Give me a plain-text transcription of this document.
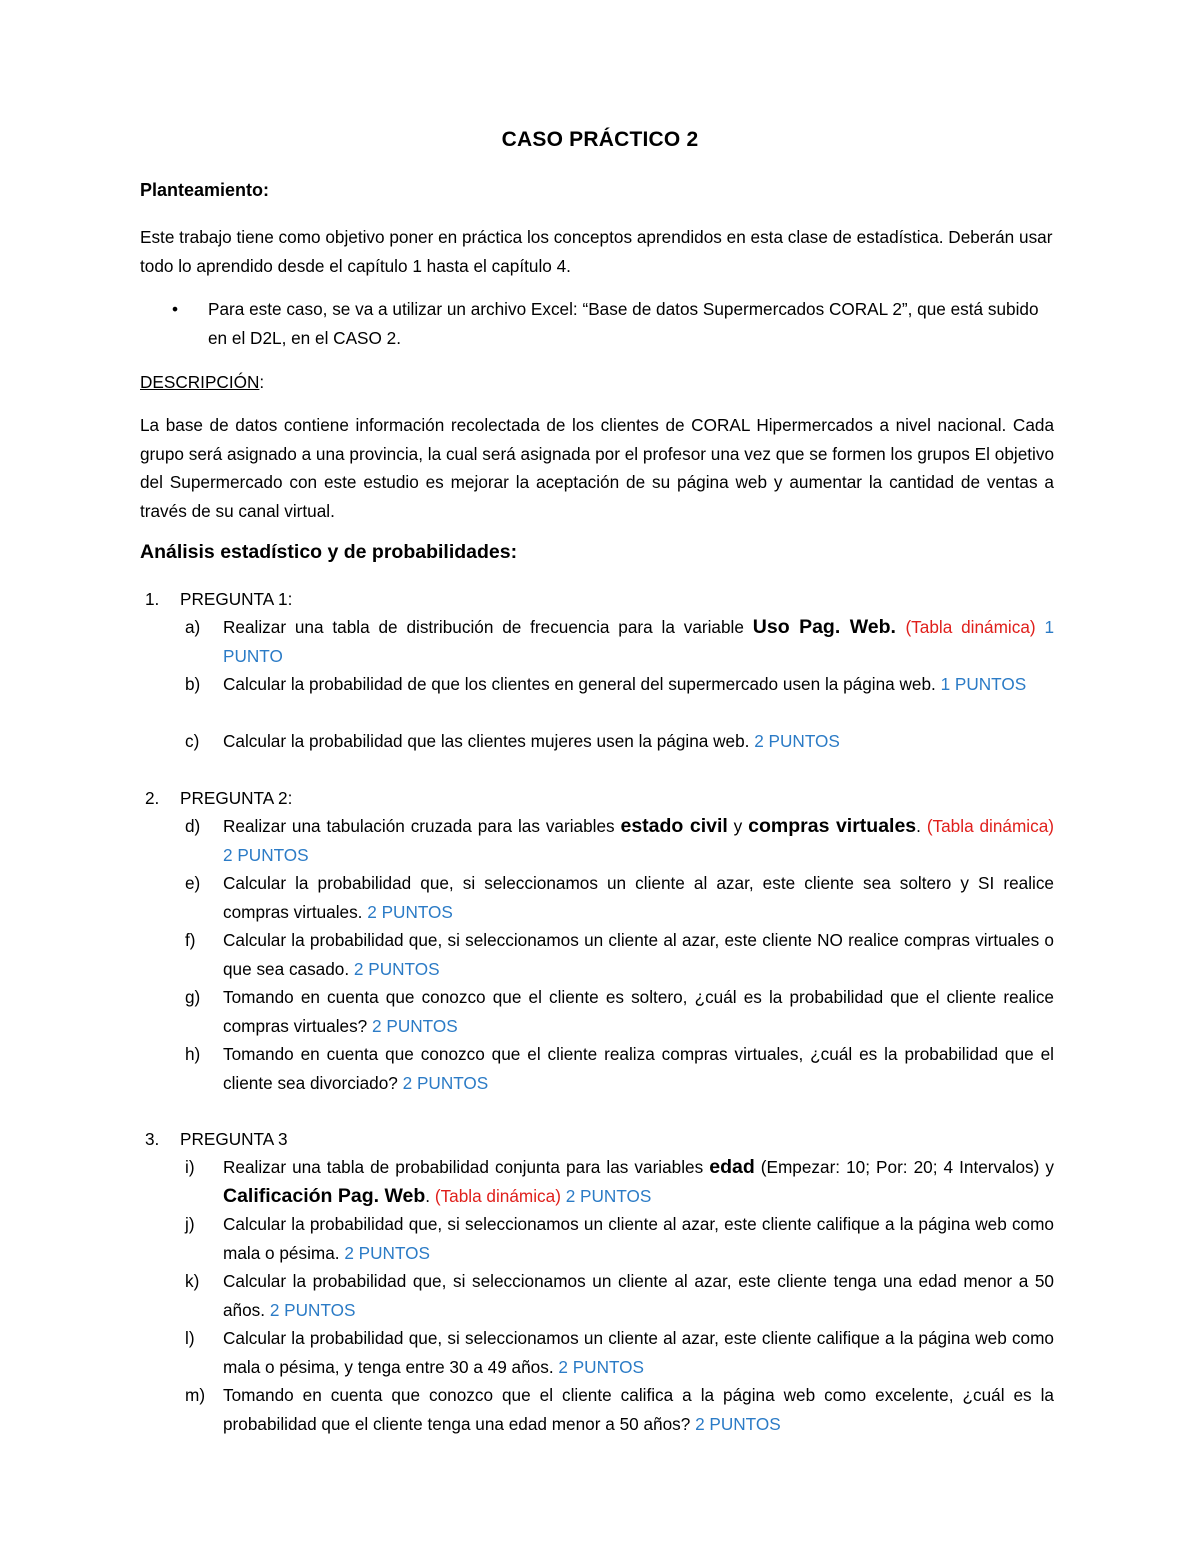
CASO PRÁCTICO 2
Planteamiento:
Este trabajo tiene como objetivo poner en práctica los conceptos aprendidos en esta clase de estadística. Deberán usar todo lo aprendido desde el capítulo 1 hasta el capítulo 4.
• Para este caso, se va a utilizar un archivo Excel: “Base de datos Supermercados CORAL 2”, que está subido en el D2L, en el CASO 2.
DESCRIPCIÓN:
La base de datos contiene información recolectada de los clientes de CORAL Hipermercados a nivel nacional. Cada grupo será asignado a una provincia, la cual será asignada por el profesor una vez que se formen los grupos El objetivo del Supermercado con este estudio es mejorar la aceptación de su página web y aumentar la cantidad de ventas a través de su canal virtual.
Análisis estadístico y de probabilidades:
1. PREGUNTA 1:
a) Realizar una tabla de distribución de frecuencia para la variable Uso Pag. Web. (Tabla dinámica) 1 PUNTO
b) Calcular la probabilidad de que los clientes en general del supermercado usen la página web. 1 PUNTOS
c) Calcular la probabilidad que las clientes mujeres usen la página web. 2 PUNTOS
2. PREGUNTA 2:
d) Realizar una tabulación cruzada para las variables estado civil y compras virtuales. (Tabla dinámica) 2 PUNTOS
e) Calcular la probabilidad que, si seleccionamos un cliente al azar, este cliente sea soltero y SI realice compras virtuales. 2 PUNTOS
f) Calcular la probabilidad que, si seleccionamos un cliente al azar, este cliente NO realice compras virtuales o que sea casado. 2 PUNTOS
g) Tomando en cuenta que conozco que el cliente es soltero, ¿cuál es la probabilidad que el cliente realice compras virtuales? 2 PUNTOS
h) Tomando en cuenta que conozco que el cliente realiza compras virtuales, ¿cuál es la probabilidad que el cliente sea divorciado? 2 PUNTOS
3. PREGUNTA 3
i) Realizar una tabla de probabilidad conjunta para las variables edad (Empezar: 10; Por: 20; 4 Intervalos) y Calificación Pag. Web. (Tabla dinámica) 2 PUNTOS
j) Calcular la probabilidad que, si seleccionamos un cliente al azar, este cliente califique a la página web como mala o pésima. 2 PUNTOS
k) Calcular la probabilidad que, si seleccionamos un cliente al azar, este cliente tenga una edad menor a 50 años. 2 PUNTOS
l) Calcular la probabilidad que, si seleccionamos un cliente al azar, este cliente califique a la página web como mala o pésima, y tenga entre 30 a 49 años. 2 PUNTOS
m) Tomando en cuenta que conozco que el cliente califica a la página web como excelente, ¿cuál es la probabilidad que el cliente tenga una edad menor a 50 años? 2 PUNTOS
